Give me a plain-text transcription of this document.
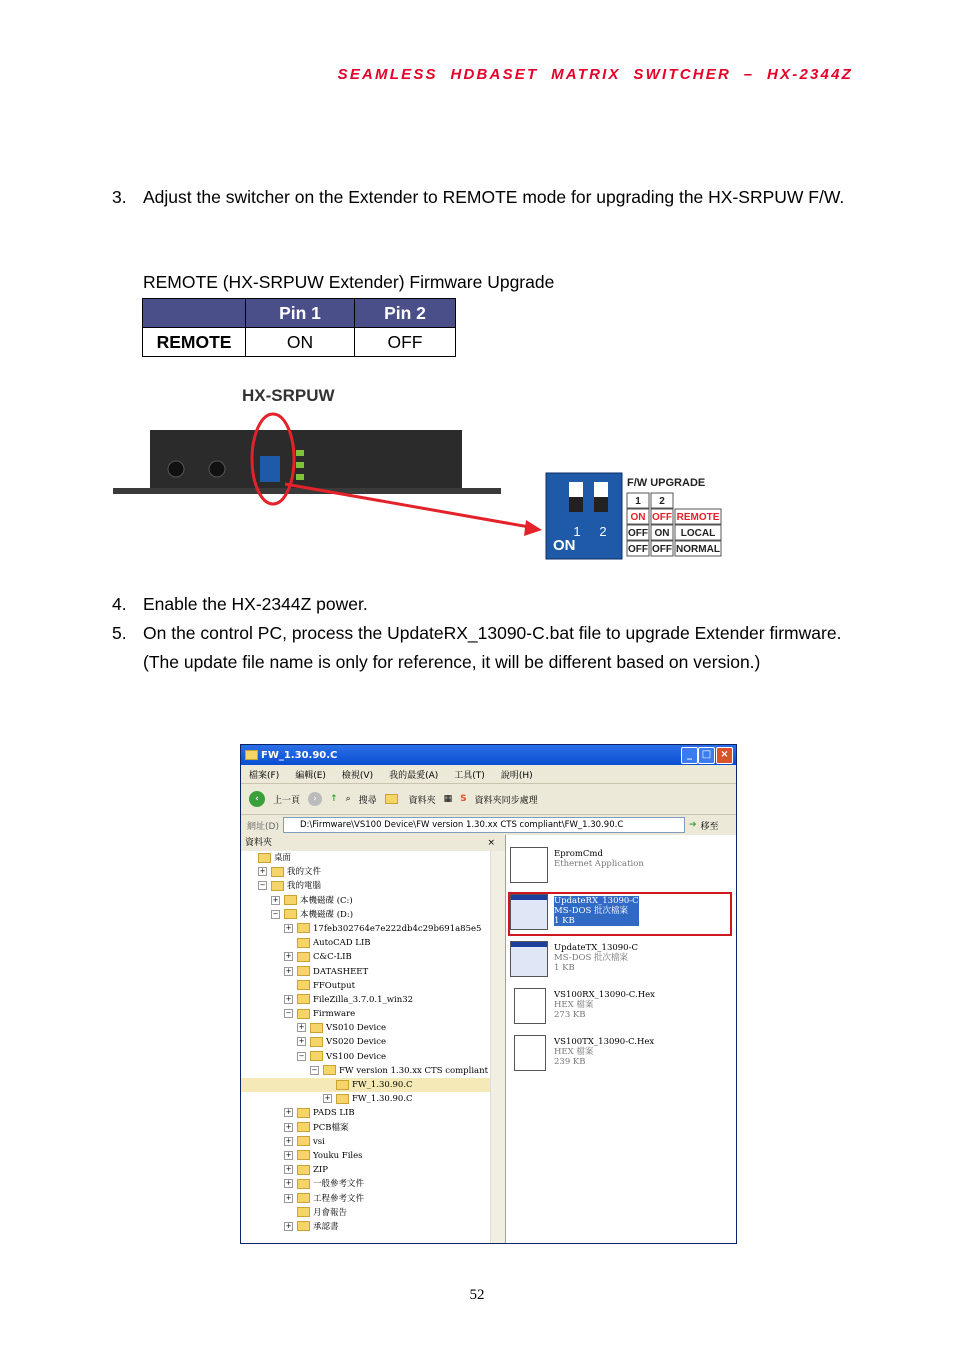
SEAMLESS  HDBASET  MATRIX  SWITCHER  –  HX-2344Z
3. Adjust the switcher on the Extender to REMOTE mode for upgrading the HX-SRPUW F/W.
REMOTE (HX-SRPUW Extender) Firmware Upgrade
	Pin 1	Pin 2
REMOTE	ON	OFF
HX-SRPUW
ON
1 2
F/W UPGRADE
1 2
ON OFF REMOTE
OFF ON LOCAL
OFF OFF NORMAL
4. Enable the HX-2344Z power.
5. On the control PC, process the UpdateRX_13090-C.bat file to upgrade Extender firmware. (The update file name is only for reference, it will be different based on version.)
FW_1.30.90.C	_ □ ×
檔案(F) 編輯(E) 檢視(V) 我的最愛(A) 工具(T) 說明(H)
‹	上一頁	›	↑ ⌕ 搜尋	資料夾 ▦ S 資料夾同步處理
網址(D)	D:\Firmware\VS100 Device\FW version 1.30.xx CTS compliant\FW_1.30.90.C	➔ 移至
資料夾	×
桌面
+	我的文件
−	我的電腦
+	本機磁碟 (C:)
−	本機磁碟 (D:)
+	17feb302764e7e222db4c29b691a85e5
AutoCAD LIB
+	C&C-LIB
+	DATASHEET
FFOutput
+	FileZilla_3.7.0.1_win32
−	Firmware
+	VS010 Device
+	VS020 Device
−	VS100 Device
−	FW version 1.30.xx CTS compliant
FW_1.30.90.C
+	FW_1.30.90.C
+	PADS LIB
+	PCB檔案
+	vsi
+	Youku Files
+	ZIP
+	一般參考文件
+	工程參考文件
月會報告
+	承認書
EpromCmd
Ethernet Application
UpdateRX_13090-C
MS-DOS 批次檔案
1 KB
UpdateTX_13090-C
MS-DOS 批次檔案
1 KB
VS100RX_13090-C.Hex
HEX 檔案
273 KB
VS100TX_13090-C.Hex
HEX 檔案
239 KB
52
